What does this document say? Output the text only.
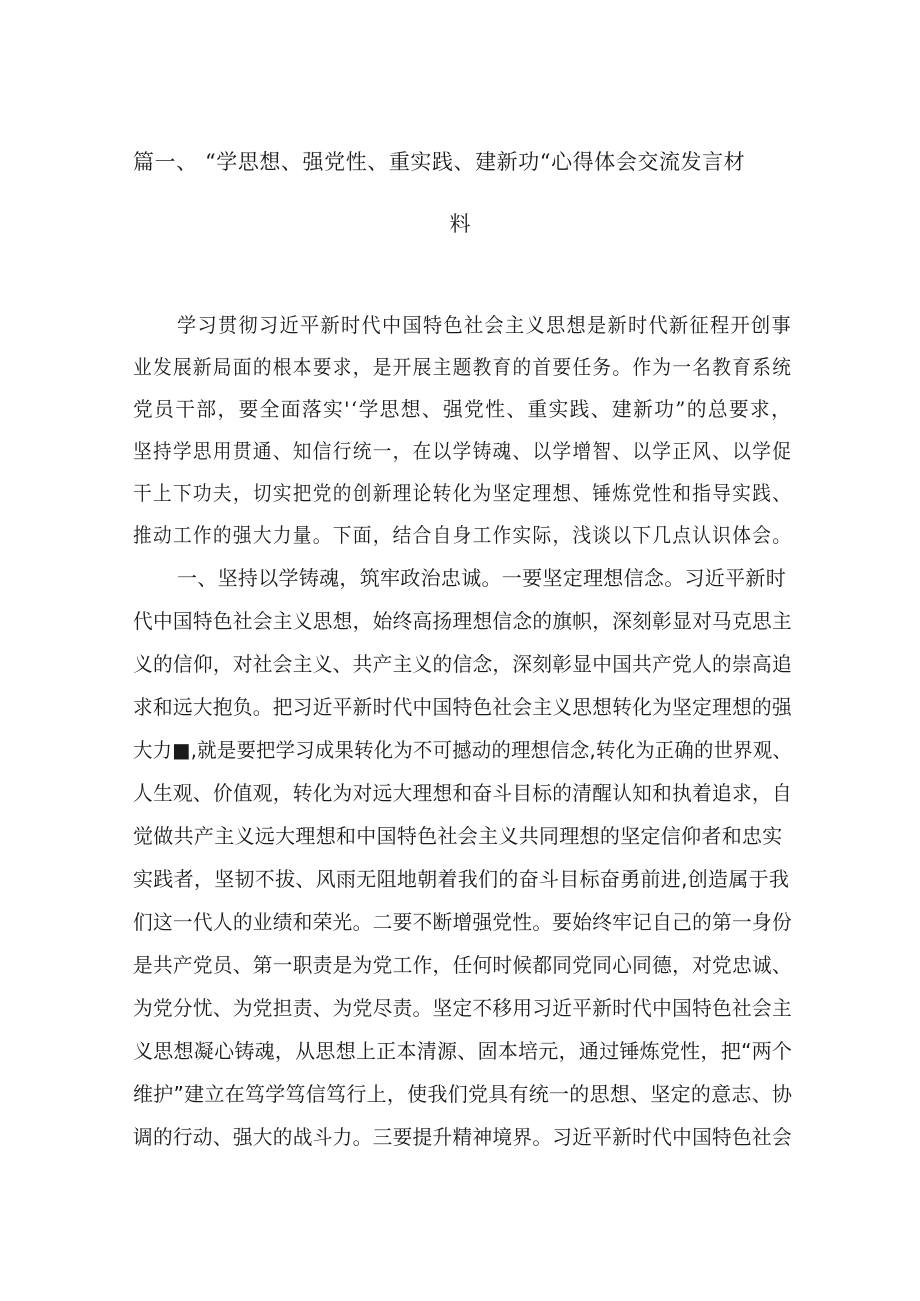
篇一、 “学思想、强党性、重实践、建新功“心得体会交流发言材
料
学习贯彻习近平新时代中国特色社会主义思想是新时代新征程开创事
业发展新局面的根本要求，是开展主题教育的首要任务。作为一名教育系统
党员干部，要全面落实'‘学思想、强党性、重实践、建新功”的总要求，
坚持学思用贯通、知信行统一，在以学铸魂、以学增智、以学正风、以学促
干上下功夫，切实把党的创新理论转化为坚定理想、锤炼党性和指导实践、
推动工作的强大力量。下面，结合自身工作实际，浅谈以下几点认识体会。
一、坚持以学铸魂，筑牢政治忠诚。一要坚定理想信念。习近平新时
代中国特色社会主义思想，始终高扬理想信念的旗帜，深刻彰显对马克思主
义的信仰，对社会主义、共产主义的信念，深刻彰显中国共产党人的崇高追
求和远大抱负。把习近平新时代中国特色社会主义思想转化为坚定理想的强
大力■,就是要把学习成果转化为不可撼动的理想信念,转化为正确的世界观、
人生观、价值观，转化为对远大理想和奋斗目标的清醒认知和执着追求，自
觉做共产主义远大理想和中国特色社会主义共同理想的坚定信仰者和忠实
实践者，坚韧不拔、风雨无阻地朝着我们的奋斗目标奋勇前进,创造属于我
们这一代人的业绩和荣光。二要不断增强党性。要始终牢记自己的第一身份
是共产党员、第一职责是为党工作，任何时候都同党同心同德，对党忠诚、
为党分忧、为党担责、为党尽责。坚定不移用习近平新时代中国特色社会主
义思想凝心铸魂，从思想上正本清源、固本培元，通过锤炼党性，把“两个
维护”建立在笃学笃信笃行上，使我们党具有统一的思想、坚定的意志、协
调的行动、强大的战斗力。三要提升精神境界。习近平新时代中国特色社会
